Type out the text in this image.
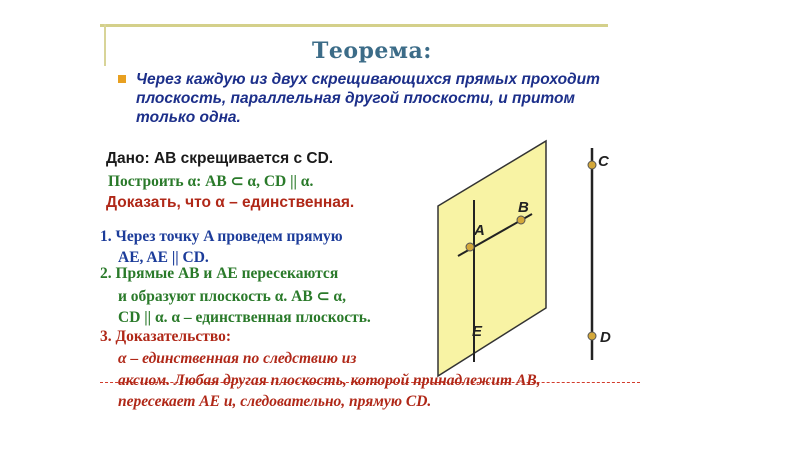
Теорема:
Через каждую из двух скрещивающихся прямых проходит плоскость, параллельная другой плоскости, и притом только одна.
Дано: AB скрещивается с CD.
Построить α: AB ⊂ α, CD || α.
Доказать, что α – единственная.
1. Через точку A проведем прямую
AE, AE || CD.
2. Прямые AB и AE пересекаются
и образуют плоскость α. AB ⊂ α,
CD || α. α – единственная плоскость.
3. Доказательство:
α – единственная по следствию из
аксиом. Любая другая плоскость, которой принадлежит AB,
пересекает AE и, следовательно, прямую CD.
A
B
C
D
E
